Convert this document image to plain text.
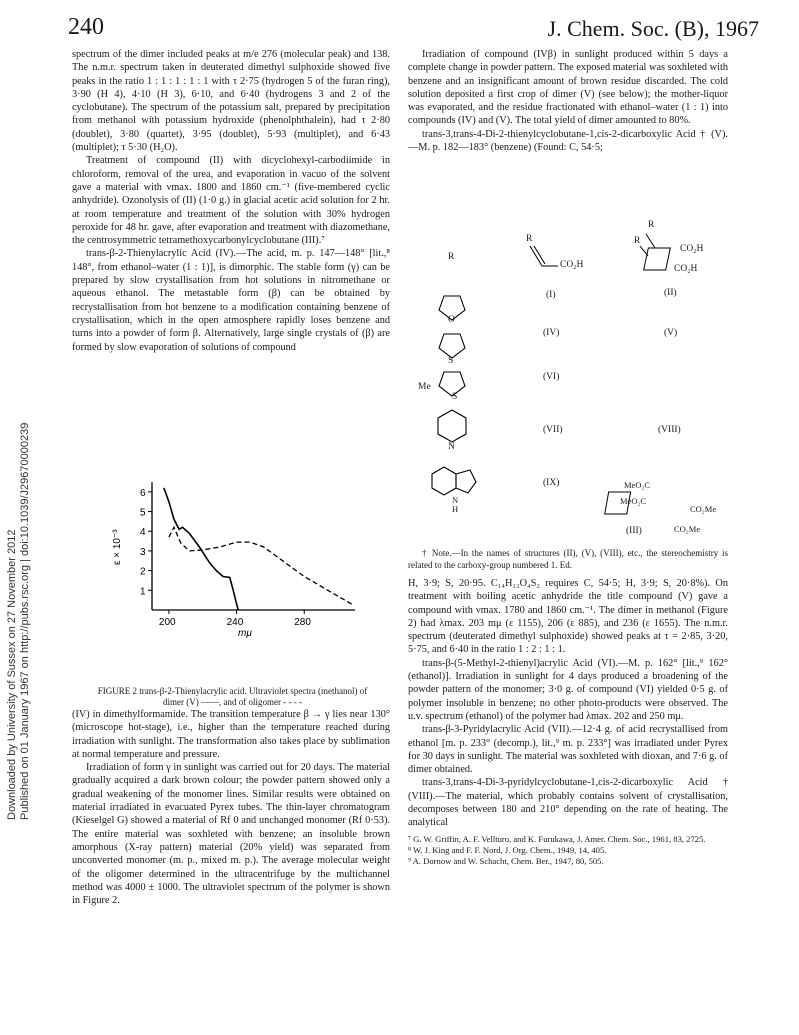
240	J. Chem. Soc. (B), 1967
Downloaded by University of Sussex on 27 November 2012 Published on 01 January 1967 on http://pubs.rsc.org | doi:10.1039/J29670000239

spectrum of the dimer included peaks at m/e 276 (molecular peak) and 138. The n.m.r. spectrum taken in deuterated dimethyl sulphoxide showed five peaks in the ratio 1 : 1 : 1 : 1 : 1 with τ 2·75 (hydrogen 5 of the furan ring), 3·90 (H 4), 4·10 (H 3), 6·10, and 6·40 (hydrogens 3 and 2 of the cyclobutane). The spectrum of the potassium salt, prepared by precipitation from methanol with potassium hydroxide (phenolphthalein), had τ 2·80 (doublet), 3·80 (quartet), 3·95 (doublet), 5·93 (multiplet), and 6·43 (multiplet); τ 5·30 (H₂O).

Treatment of compound (II) with dicyclohexyl-carbodiimide in chloroform, removal of the urea, and evaporation in vacuo of the solvent gave a material with νmax. 1800 and 1860 cm.⁻¹ (five-membered cyclic anhydride). Ozonolysis of (II) (1·0 g.) in glacial acetic acid solution for 2 hr. at room temperature and treatment of the solution with 30% hydrogen peroxide for 48 hr. gave, after evaporation and treatment with diazomethane, the centrosymmetric tetramethoxycarbonylcyclobutane (III).⁷

trans-β-2-Thienylacrylic Acid (IV).—The acid, m. p. 147—148° [lit.,⁸ 148°, from ethanol–water (1 : 1)], is dimorphic. The stable form (γ) can be prepared by slow crystallisation from hot solutions in nitromethane or aqueous ethanol. The metastable form (β) can be obtained by recrystallisation from hot benzene to a modification containing benzene of crystallisation, which in the open atmosphere rapidly loses benzene and turns into a powder of form β. Alternatively, large single crystals of (β) are formed by slow evaporation of solutions of compound

1
2
3
4
5
6
200	240	280
ε × 10⁻³
mμ
FIGURE 2 trans-β-2-Thienylacrylic acid. Ultraviolet spectra (methanol) of dimer (V) ——, and of oligomer - - - -

(IV) in dimethylformamide. The transition temperature β → γ lies near 130° (microscope hot-stage), i.e., higher than the temperature reached during irradiation with sunlight. The transformation also takes place by sublimation at normal temperature and pressure.

Irradiation of form γ in sunlight was carried out for 20 days. The material gradually acquired a dark brown colour; the powder pattern showed only a gradual weakening of the monomer lines. Similar results were obtained on material irradiated in evacuated Pyrex tubes. The thin-layer chromatogram (Kieselgel G) showed a material of Rf 0 and unchanged monomer (Rf 0·53). The entire material was soxhleted with benzene; an insoluble brown amorphous (X-ray pattern) material (20% yield) was separated from unconverted monomer (m. p., mixed m. p.). The average molecular weight of the oligomer determined in the ultracentrifuge by the multichannel method was 4000 ± 1000. The ultraviolet spectrum of the polymer is shown in Figure 2.

Irradiation of compound (IVβ) in sunlight produced within 5 days a complete change in powder pattern. The exposed material was soxhleted with benzene and an insignificant amount of brown residue discarded. The cold solution deposited a first crop of dimer (V) (see below); the mother-liquor was evaporated, and the residue fractionated with ethanol–water (1 : 1) into compounds (IV) and (V). The total yield of dimer amounted to 80%.

trans-3,trans-4-Di-2-thienylcyclobutane-1,cis-2-dicarboxylic Acid † (V).—M. p. 182—183° (benzene) (Found: C, 54·5;

R
R
CO₂H
R
R
CO₂H
CO₂H
(I)	(II)
O
(IV)	(V)
S
(VI)
Me
S
(VII)	(VIII)
N
(IX)
N
H
MeO₂C
MeO₂C
CO₂Me
CO₂Me
(III)

† Note.—In the names of structures (II), (V), (VIII), etc., the stereochemistry is related to the carboxy-group numbered 1. Ed.

H, 3·9; S, 20·95. C₁₄H₁₂O₄S₂ requires C, 54·5; H, 3·9; S, 20·8%). On treatment with boiling acetic anhydride the title compound (V) gave a compound with νmax. 1780 and 1860 cm.⁻¹. The dimer in methanol (Figure 2) had λmax. 203 mμ (ε 1155), 206 (ε 885), and 236 (ε 1655). The n.m.r. spectrum (deuterated dimethyl sulphoxide) showed peaks at τ = 2·85, 3·20, 5·75, and 6·40 in the ratio 1 : 2 : 1 : 1.

trans-β-(5-Methyl-2-thienyl)acrylic Acid (VI).—M. p. 162° [lit.,⁹ 162° (ethanol)]. Irradiation in sunlight for 4 days produced a broadening of the powder pattern of the monomer; 3·0 g. of compound (VI) yielded 0·5 g. of polymer insoluble in benzene; no other photo-products were observed. The u.v. spectrum (ethanol) of the polymer had λmax. 202 and 250 mμ.

trans-β-3-Pyridylacrylic Acid (VII).—12·4 g. of acid recrystallised from ethanol [m. p. 233° (decomp.), lit.,⁹ m. p. 233°] was irradiated under Pyrex for 30 days in sunlight. The material was soxhleted with dioxan, and 7·6 g. of dimer obtained.

trans-3,trans-4-Di-3-pyridylcyclobutane-1,cis-2-dicarboxylic Acid † (VIII).—The material, which probably contains solvent of crystallisation, decomposes between 180 and 210° depending on the rate of heating. The analytical

⁷ G. W. Griffin, A. F. Vellturo, and K. Furukawa, J. Amer. Chem. Soc., 1961, 83, 2725.

⁸ W. J. King and F. F. Nord, J. Org. Chem., 1949, 14, 405.

⁹ A. Dornow and W. Schacht, Chem. Ber., 1947, 80, 505.
